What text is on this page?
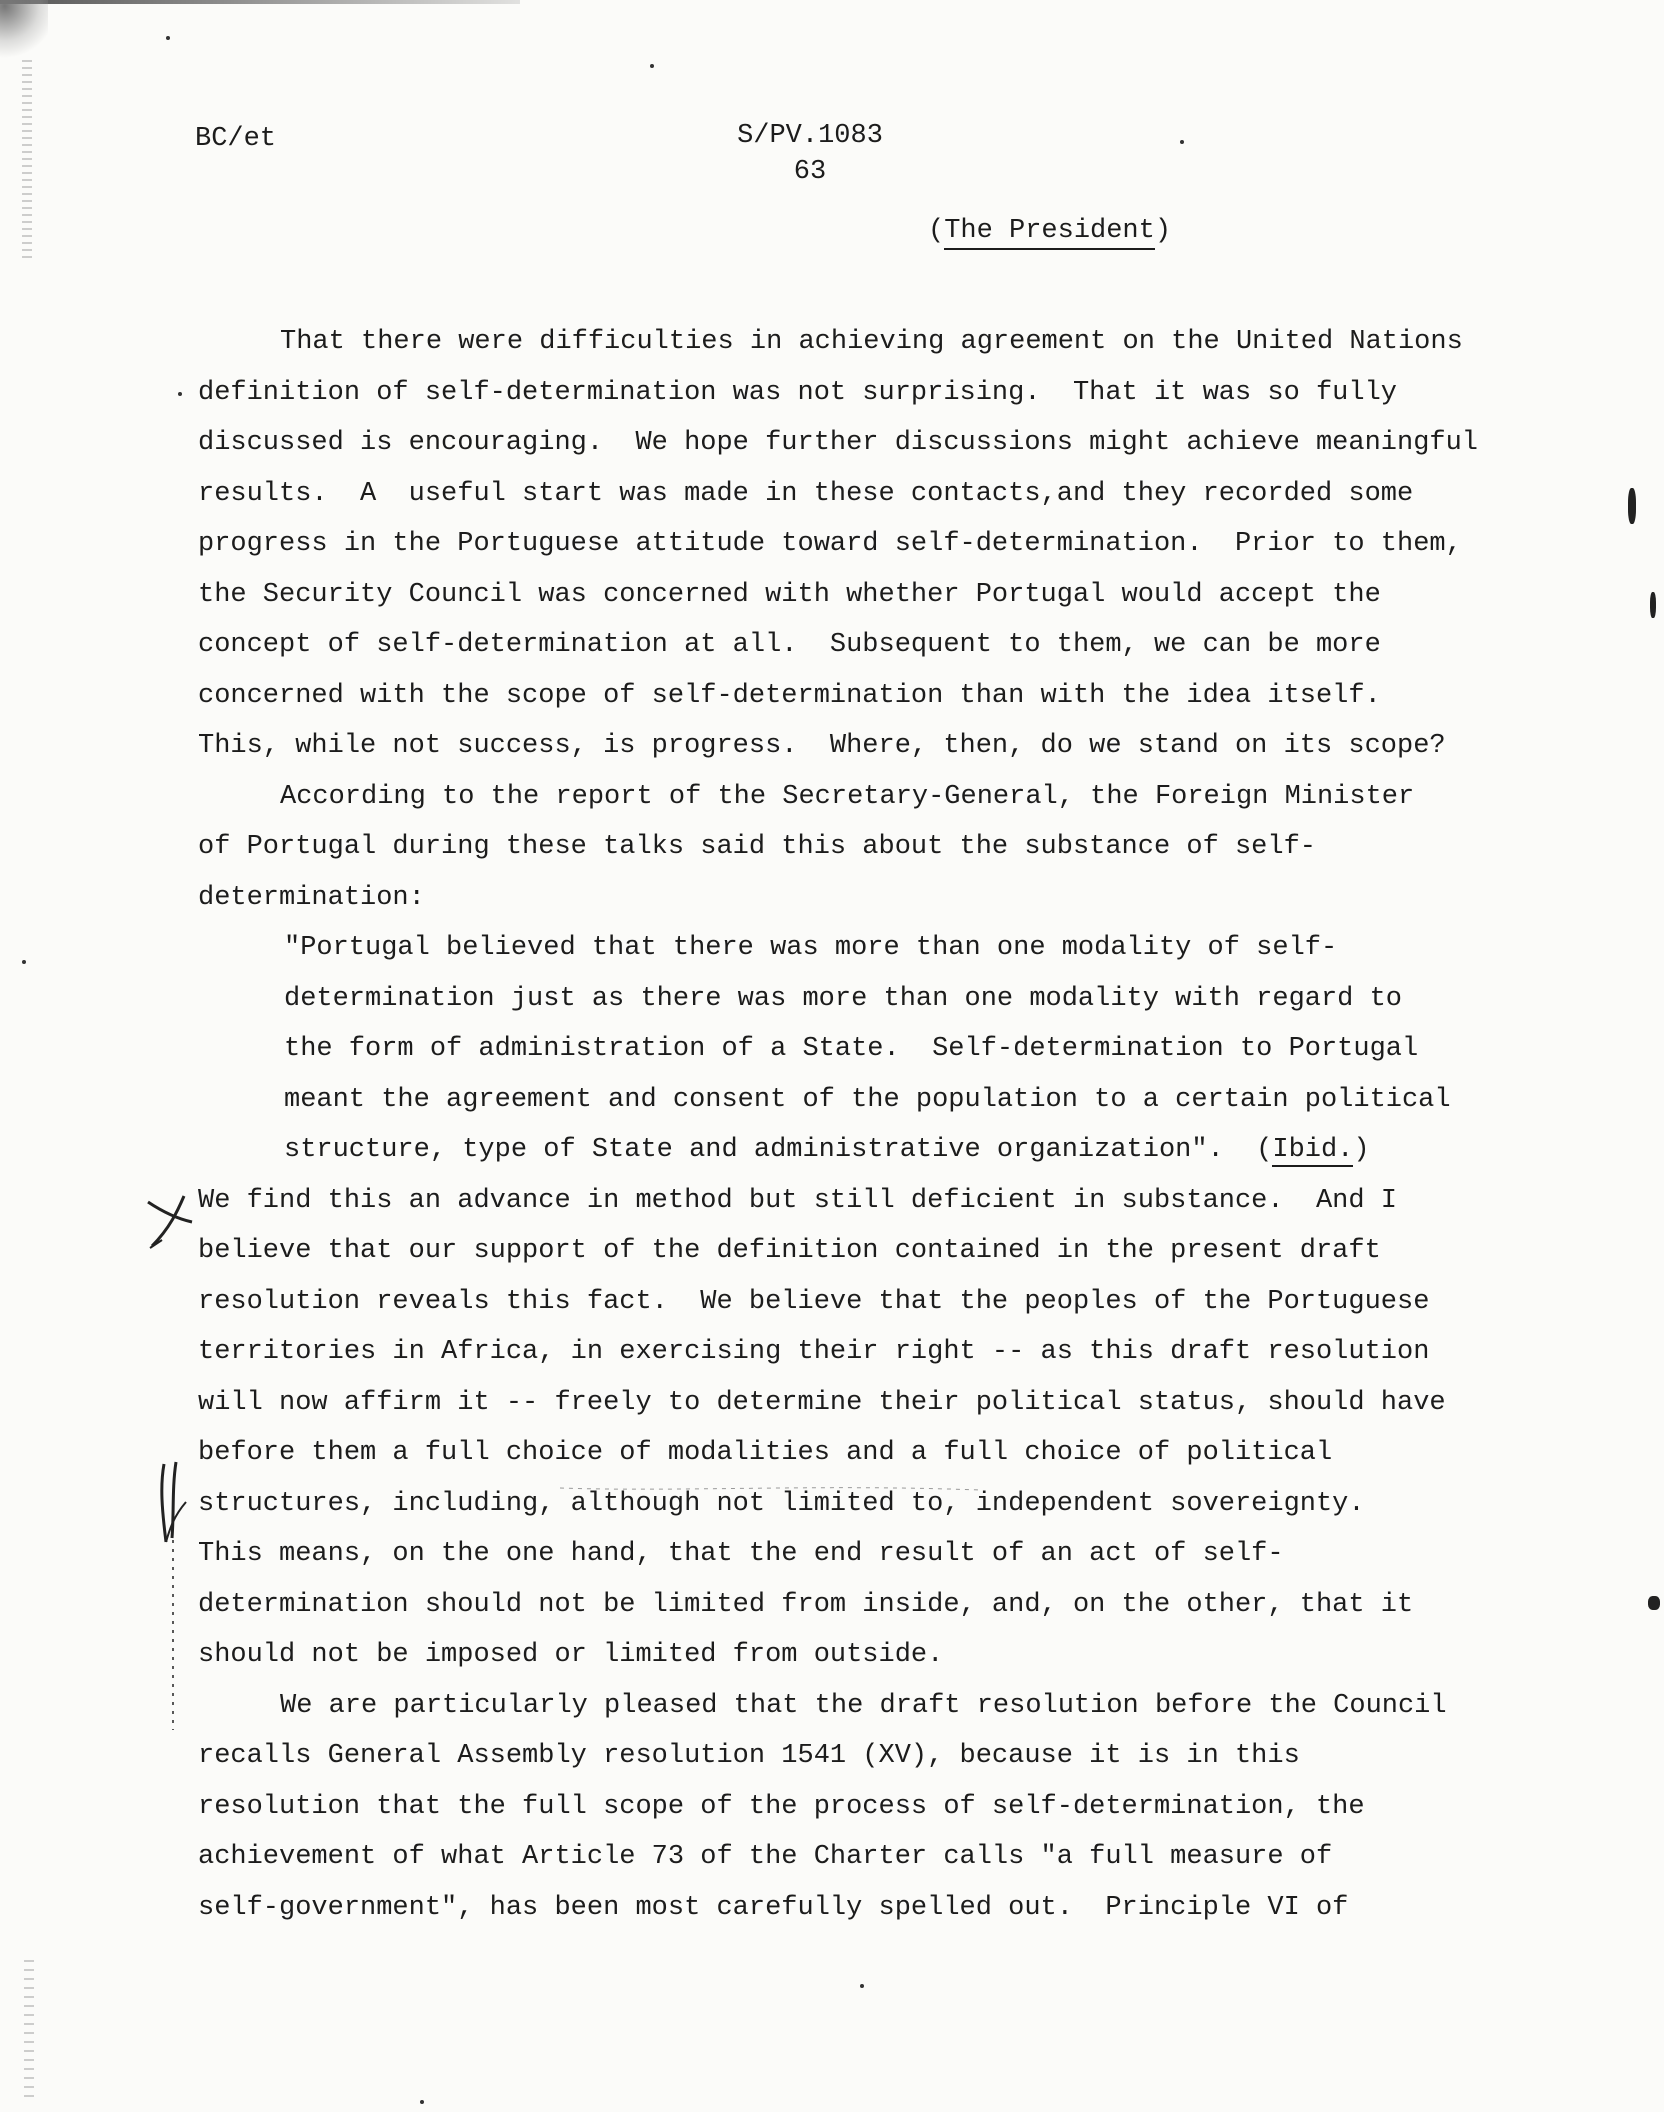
BC/et	S/PV.1083
63
(The President)

That there were difficulties in achieving agreement on the United Nations

definition of self-determination was not surprising.  That it was so fully

discussed is encouraging.  We hope further discussions might achieve meaningful

results.  A  useful start was made in these contacts,and they recorded some

progress in the Portuguese attitude toward self-determination.  Prior to them,

the Security Council was concerned with whether Portugal would accept the

concept of self-determination at all.  Subsequent to them, we can be more

concerned with the scope of self-determination than with the idea itself.

This, while not success, is progress.  Where, then, do we stand on its scope?

According to the report of the Secretary-General, the Foreign Minister

of Portugal during these talks said this about the substance of self-

determination:

"Portugal believed that there was more than one modality of self-

determination just as there was more than one modality with regard to

the form of administration of a State.  Self-determination to Portugal

meant the agreement and consent of the population to a certain political

structure, type of State and administrative organization".  (Ibid.)

We find this an advance in method but still deficient in substance.  And I

believe that our support of the definition contained in the present draft

resolution reveals this fact.  We believe that the peoples of the Portuguese

territories in Africa, in exercising their right -- as this draft resolution

will now affirm it -- freely to determine their political status, should have

before them a full choice of modalities and a full choice of political

structures, including, although not limited to, independent sovereignty.

This means, on the one hand, that the end result of an act of self-

determination should not be limited from inside, and, on the other, that it

should not be imposed or limited from outside.

We are particularly pleased that the draft resolution before the Council

recalls General Assembly resolution 1541 (XV), because it is in this

resolution that the full scope of the process of self-determination, the

achievement of what Article 73 of the Charter calls "a full measure of

self-government", has been most carefully spelled out.  Principle VI of
